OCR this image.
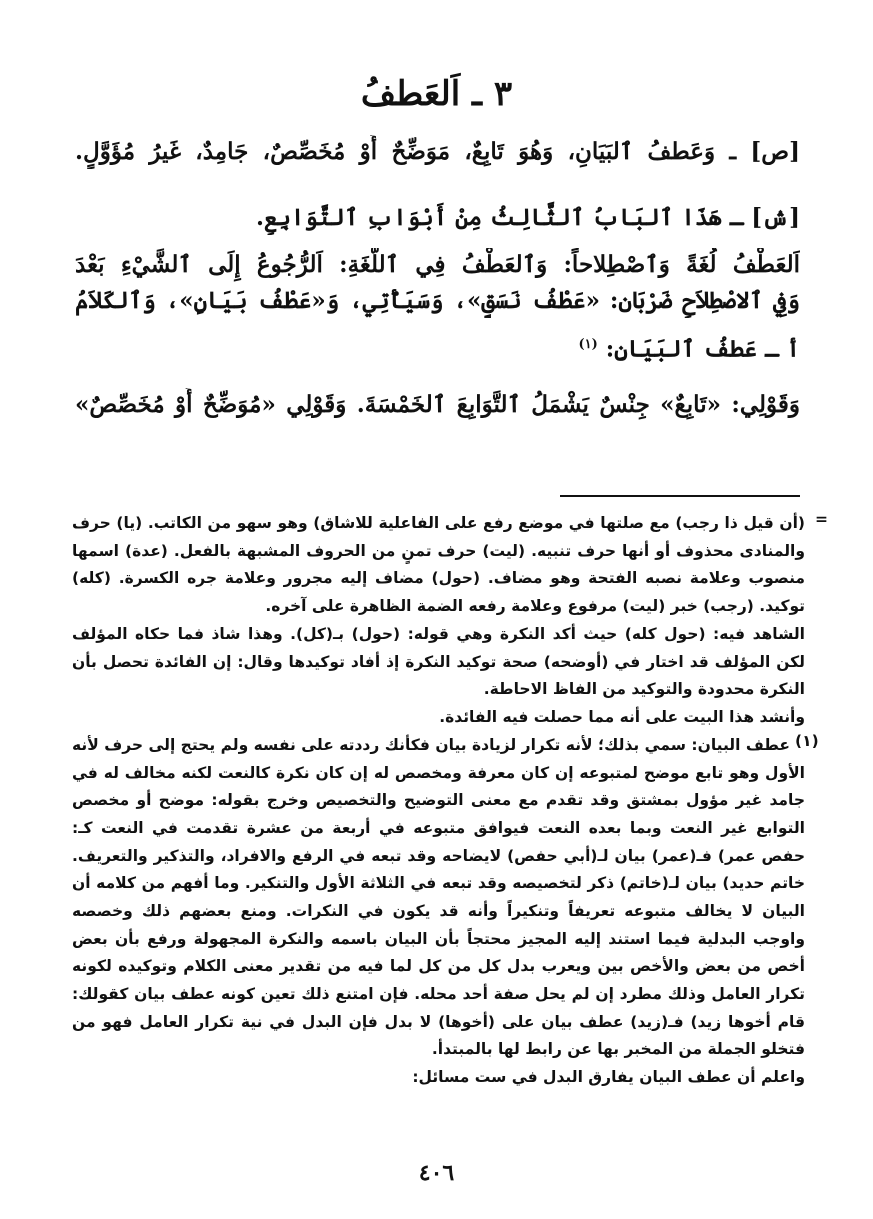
٣ ـ اَلعَطفُ
[ص] ـ وَعَطفُ ٱلبَيَانِ، وَهُوَ تَابِعٌ، مَوَضِّحٌ أَوْ مُخَصِّصٌ، جَامِدٌ، غَيرُ مُؤَوَّلٍ.
[ش] ـ هَذَا ٱلبَابُ ٱلثَّالِثُ مِنْ أَبْوَابِ ٱلتَّوَابِعِ.
اَلعَطْفُ لُغَةً وَٱصْطِلاحاً: وَٱلعَطْفُ فِي ٱللُّغَةِ: اَلرُّجُوعُ إِلَى ٱلشَّيْءِ بَعْدَ
وَفِي ٱلاصْطِلاَحِ ضَرْبَان: «عَطْفُ نَسَقٍ»، وَسَيَأْتِي، وَ«عَطْفُ بَيَانٍ»، وَٱلكَلاَمُ
أ ـ عَطفُ ٱلبَيَانِ: $^{(١)}$
وَقَوْلِي: «تَابِعٌ» جِنْسٌ يَشْمَلُ ٱلتَّوَابِعَ ٱلخَمْسَةَ. وَقَوْلِي «مُوَضِّحٌ أَوْ مُخَصِّصٌ»
=
(أن قيل ذا رجب) مع صلتها في موضع رفع على الفاعلية للاشاق) وهو سهو من الكاتب. (يا) حرف
والمنادى محذوف أو أنها حرف تنبيه. (ليت) حرف تمنٍ من الحروف المشبهة بالفعل. (عدة) اسمها
منصوب وعلامة نصبه الفتحة وهو مضاف. (حول) مضاف إليه مجرور وعلامة جره الكسرة. (كله)
توكيد. (رجب) خبر (ليت) مرفوع وعلامة رفعه الضمة الظاهرة على آخره.
الشاهد فيه: (حول كله) حيث أكد النكرة وهي قوله: (حول) بـ(كل). وهذا شاذ فما حكاه المؤلف
لكن المؤلف قد اختار في (أوضحه) صحة توكيد النكرة إذ أفاد توكيدها وقال: إن الفائدة تحصل بأن
النكرة محدودة والتوكيد من الفاظ الاحاطة.
وأنشد هذا البيت على أنه مما حصلت فيه الفائدة.
(١)
عطف البيان: سمي بذلك؛ لأنه تكرار لزيادة بيان فكأنك رددته على نفسه ولم يحتج إلى حرف لأنه
الأول وهو تابع موضح لمتبوعه إن كان معرفة ومخصص له إن كان نكرة كالنعت لكنه مخالف له في
جامد غير مؤول بمشتق وقد تقدم مع معنى التوضيح والتخصيص وخرج بقوله: موضح أو مخصص
التوابع غير النعت وبما بعده النعت فيوافق متبوعه في أربعة من عشرة تقدمت في النعت كـ:
حفص عمر) فـ(عمر) بيان لـ(أبي حفص) لايضاحه وقد تبعه في الرفع والافراد، والتذكير والتعريف.
خاتم حديد) بيان لـ(خاتم) ذكر لتخصيصه وقد تبعه في الثلاثة الأول والتنكير. وما أفهم من كلامه أن
البيان لا يخالف متبوعه تعريفاً وتنكيراً وأنه قد يكون في النكرات. ومنع بعضهم ذلك وخصصه
واوجب البدلية فيما استند إليه المجيز محتجاً بأن البيان باسمه والنكرة المجهولة ورفع بأن بعض
أخص من بعض والأخص بين ويعرب بدل كل من كل لما فيه من تقدير معنى الكلام وتوكيده لكونه
تكرار العامل وذلك مطرد إن لم يحل صفة أحد محله. فإن امتنع ذلك تعين كونه عطف بيان كقولك:
قام أخوها زيد) فـ(زيد) عطف بيان على (أخوها) لا بدل فإن البدل في نية تكرار العامل فهو من
فتخلو الجملة من المخبر بها عن رابط لها بالمبتدأ.
واعلم أن عطف البيان يفارق البدل في ست مسائل:
٤٠٦
